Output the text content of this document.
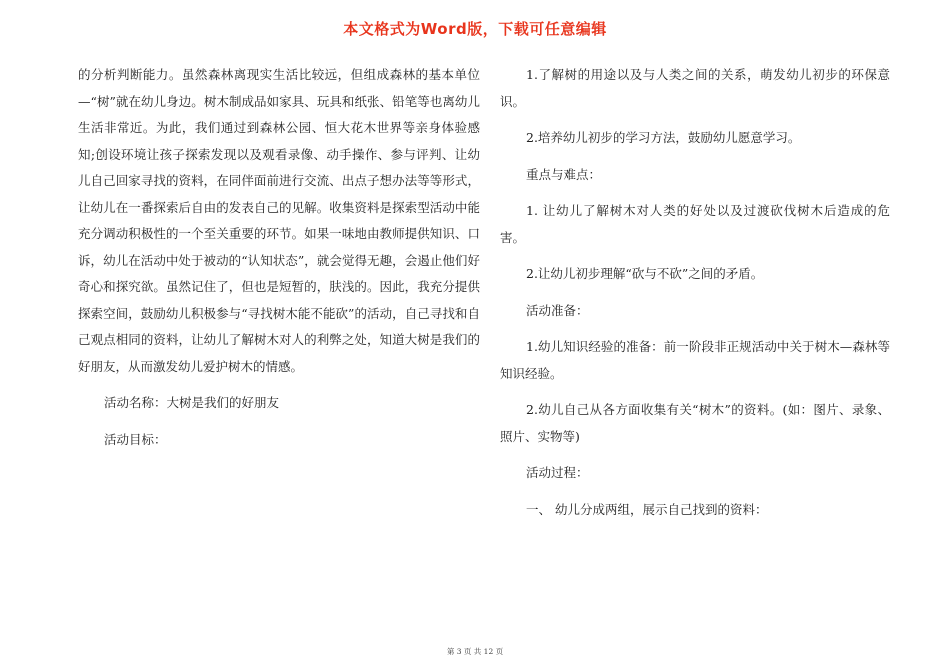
本文格式为Word版，下载可任意编辑

的分析判断能力。虽然森林离现实生活比较远，但组成森林的基本单位—“树”就在幼儿身边。树木制成品如家具、玩具和纸张、铅笔等也离幼儿生活非常近。为此，我们通过到森林公园、恒大花木世界等亲身体验感知;创设环境让孩子探索发现以及观看录像、动手操作、参与评判、让幼儿自己回家寻找的资料，在同伴面前进行交流、出点子想办法等等形式，让幼儿在一番探索后自由的发表自己的见解。收集资料是探索型活动中能充分调动积极性的一个至关重要的环节。如果一味地由教师提供知识、口诉，幼儿在活动中处于被动的“认知状态”，就会觉得无趣，会遏止他们好奇心和探究欲。虽然记住了，但也是短暂的，肤浅的。因此，我充分提供探索空间，鼓励幼儿积极参与“寻找树木能不能砍”的活动，自己寻找和自己观点相同的资料，让幼儿了解树木对人的利弊之处，知道大树是我们的好朋友，从而激发幼儿爱护树木的情感。

活动名称：大树是我们的好朋友

活动目标：

1.了解树的用途以及与人类之间的关系，萌发幼儿初步的环保意识。

2.培养幼儿初步的学习方法，鼓励幼儿愿意学习。

重点与难点：

1. 让幼儿了解树木对人类的好处以及过渡砍伐树木后造成的危害。

2.让幼儿初步理解“砍与不砍”之间的矛盾。

活动准备：

1.幼儿知识经验的准备：前一阶段非正规活动中关于树木—森林等知识经验。

2.幼儿自己从各方面收集有关“树木”的资料。(如：图片、录象、照片、实物等)

活动过程：

一、 幼儿分成两组，展示自己找到的资料：

第 3 页 共 12 页
